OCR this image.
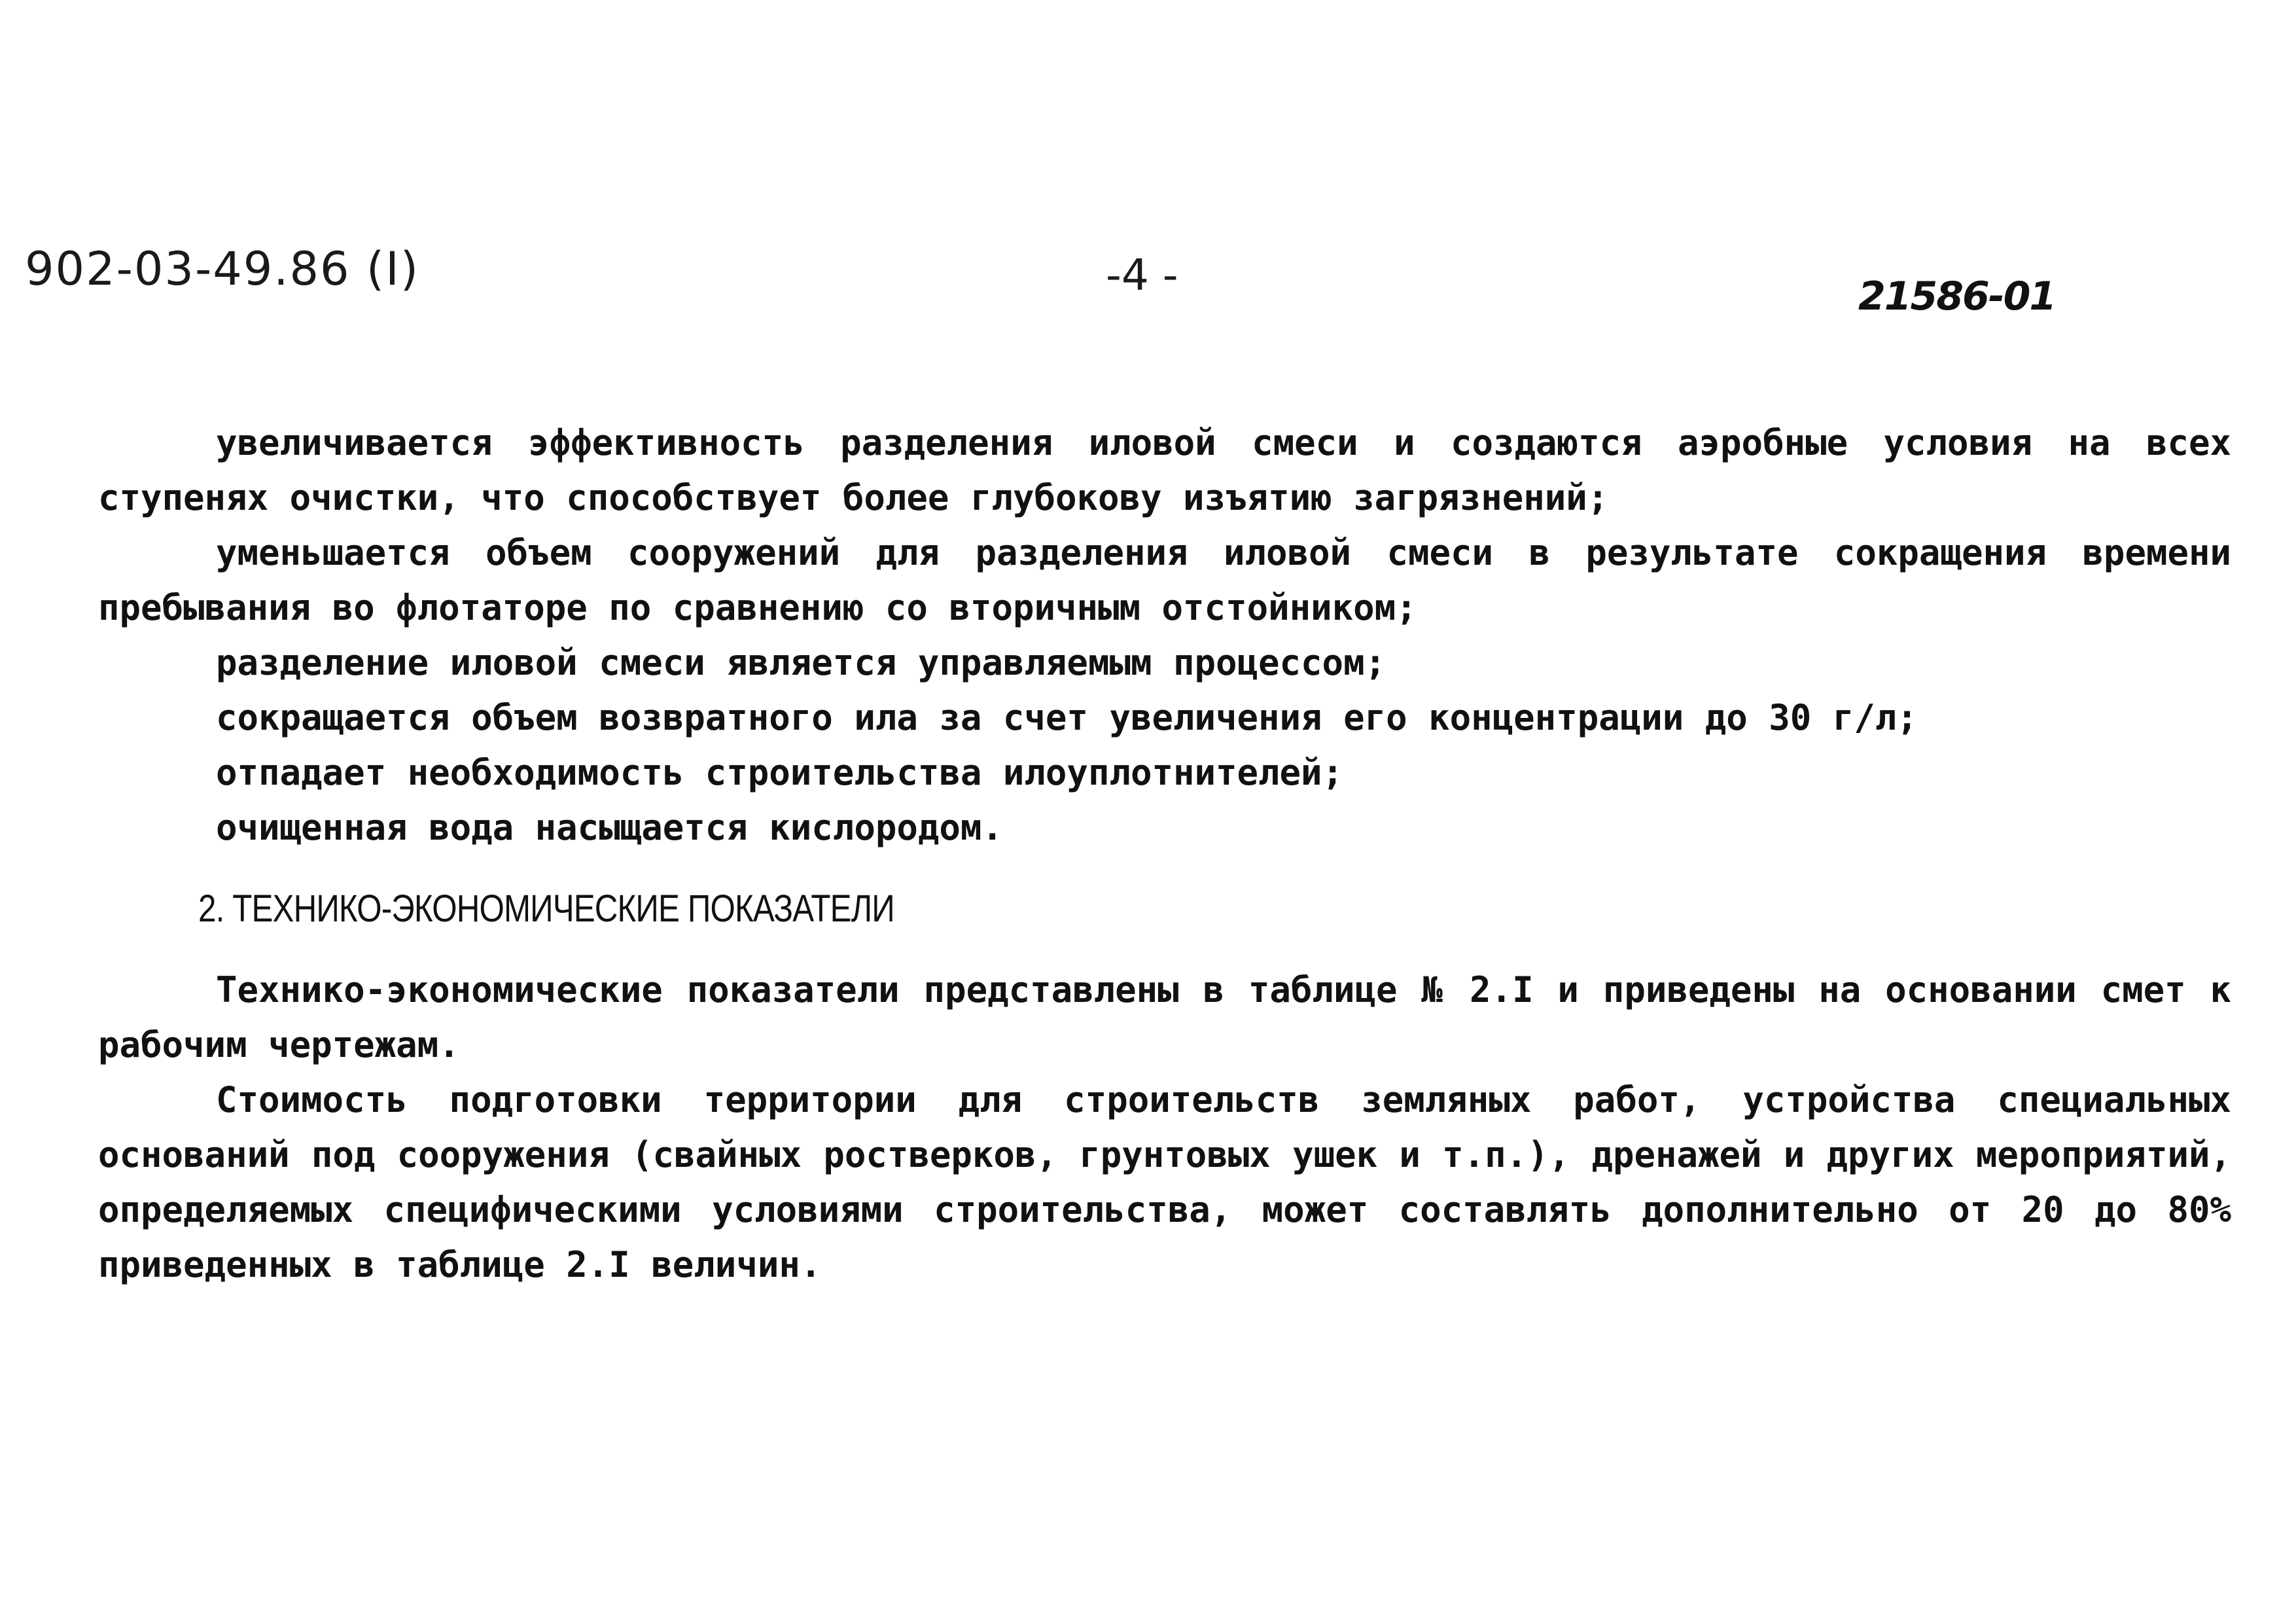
902-03-49.86 (І)	-4 -	21586-01

увеличивается эффективность разделения иловой смеси и создаются аэробные условия на всех ступенях очистки, что способствует более глубокову изъятию загрязнений;

уменьшается объем сооружений для разделения иловой смеси в результате сокращения времени пребывания во флотаторе по сравнению со вторичным отстойником;

разделение иловой смеси является управляемым процессом;

сокращается объем возвратного ила за счет увеличения его концентрации до 30 г/л;

отпадает необходимость строительства илоуплотнителей;

очищенная вода насыщается кислородом.

2. ТЕХНИКО-ЭКОНОМИЧЕСКИЕ ПОКАЗАТЕЛИ

Технико-экономические показатели представлены в таблице № 2.I и приведены на основании смет к рабочим чертежам.

Стоимость подготовки территории для строительств земляных работ, устройства специальных оснований под сооружения (свайных ростверков, грунтовых ушек и т.п.), дренажей и других мероприятий, определяемых специфическими условиями строительства, может составлять дополнительно от 20 до 80% приведенных в таблице 2.I величин.
